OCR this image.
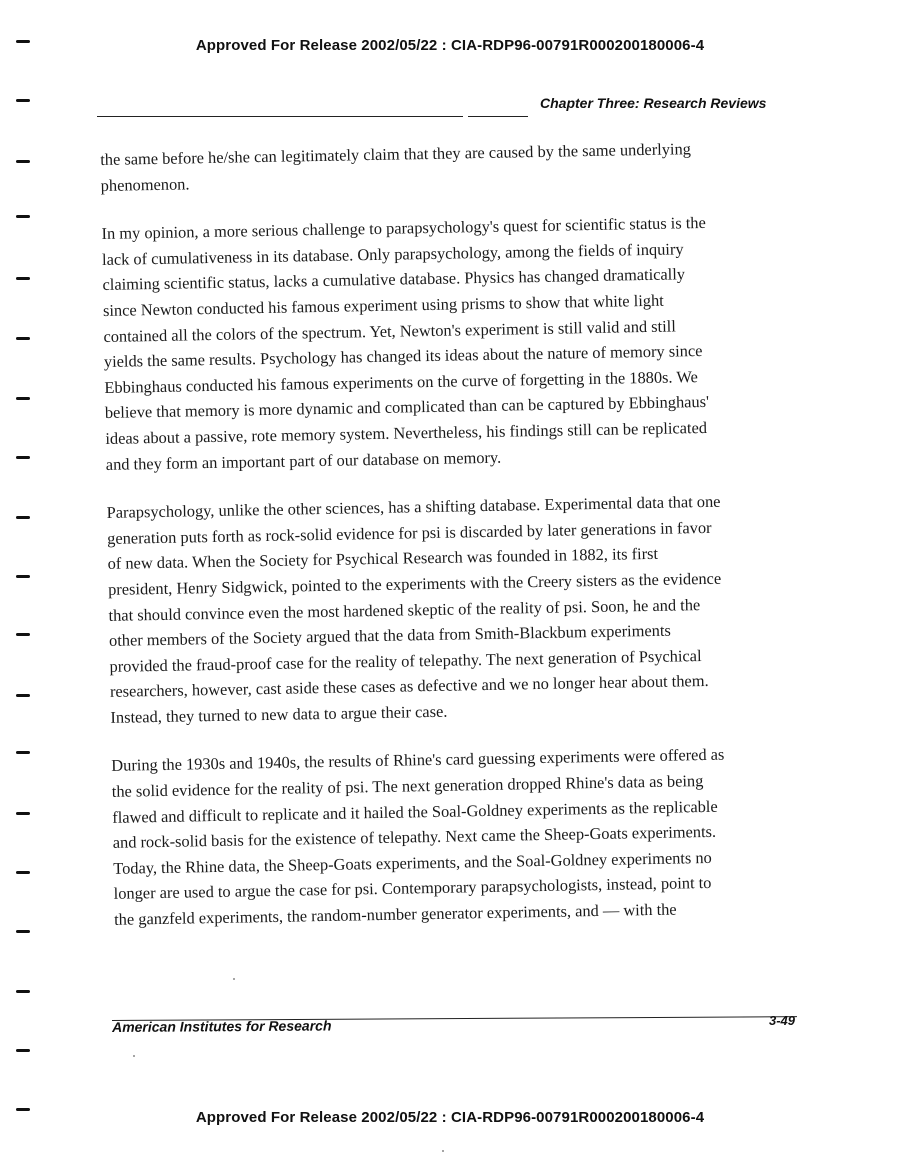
Approved For Release 2002/05/22 : CIA-RDP96-00791R000200180006-4
Chapter Three: Research Reviews

the same before he/she can legitimately claim that they are caused by the same underlying
phenomenon.

In my opinion, a more serious challenge to parapsychology's quest for scientific status is the
lack of cumulativeness in its database. Only parapsychology, among the fields of inquiry
claiming scientific status, lacks a cumulative database. Physics has changed dramatically
since Newton conducted his famous experiment using prisms to show that white light
contained all the colors of the spectrum. Yet, Newton's experiment is still valid and still
yields the same results. Psychology has changed its ideas about the nature of memory since
Ebbinghaus conducted his famous experiments on the curve of forgetting in the 1880s. We
believe that memory is more dynamic and complicated than can be captured by Ebbinghaus'
ideas about a passive, rote memory system. Nevertheless, his findings still can be replicated
and they form an important part of our database on memory.

Parapsychology, unlike the other sciences, has a shifting database. Experimental data that one
generation puts forth as rock-solid evidence for psi is discarded by later generations in favor
of new data. When the Society for Psychical Research was founded in 1882, its first
president, Henry Sidgwick, pointed to the experiments with the Creery sisters as the evidence
that should convince even the most hardened skeptic of the reality of psi. Soon, he and the
other members of the Society argued that the data from Smith-Blackbum experiments
provided the fraud-proof case for the reality of telepathy. The next generation of Psychical
researchers, however, cast aside these cases as defective and we no longer hear about them.
Instead, they turned to new data to argue their case.

During the 1930s and 1940s, the results of Rhine's card guessing experiments were offered as
the solid evidence for the reality of psi. The next generation dropped Rhine's data as being
flawed and difficult to replicate and it hailed the Soal-Goldney experiments as the replicable
and rock-solid basis for the existence of telepathy. Next came the Sheep-Goats experiments.
Today, the Rhine data, the Sheep-Goats experiments, and the Soal-Goldney experiments no
longer are used to argue the case for psi. Contemporary parapsychologists, instead, point to
the ganzfeld experiments, the random-number generator experiments, and — with the

American Institutes for Research	3-49
Approved For Release 2002/05/22 : CIA-RDP96-00791R000200180006-4
